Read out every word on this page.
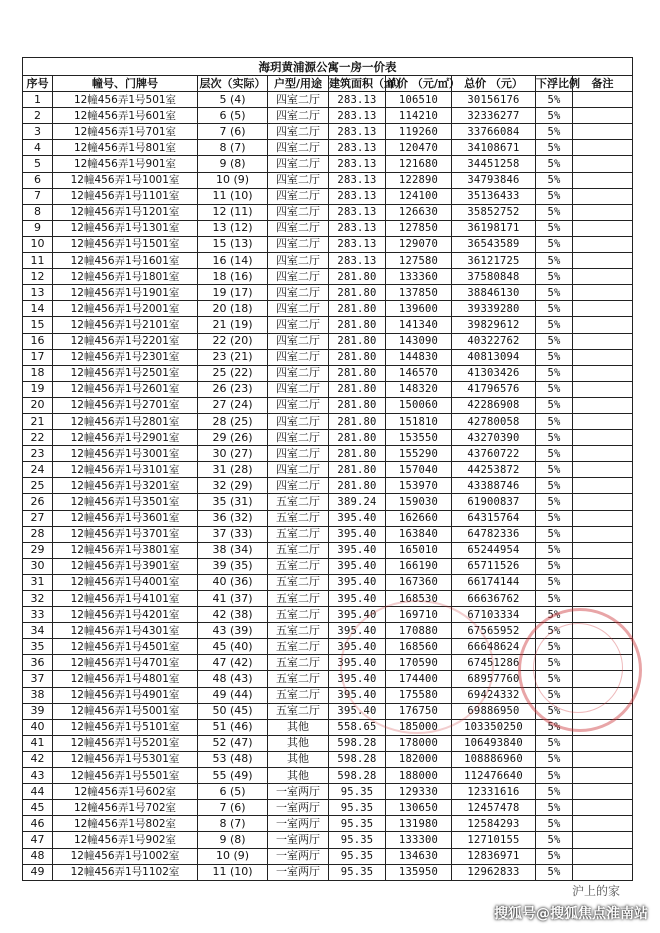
海玥黄浦源公寓一房一价表								
序号	幢号、门牌号	层次（实际）	户型/用途	建筑面积（㎡）	单价 （元/㎡）	总价 （元）	下浮比例	备注
1	12幢456弄1号501室	5 (4)	四室二厅	283.13	106510	30156176	5%	
2	12幢456弄1号601室	6 (5)	四室二厅	283.13	114210	32336277	5%	
3	12幢456弄1号701室	7 (6)	四室二厅	283.13	119260	33766084	5%	
4	12幢456弄1号801室	8 (7)	四室二厅	283.13	120470	34108671	5%	
5	12幢456弄1号901室	9 (8)	四室二厅	283.13	121680	34451258	5%	
6	12幢456弄1号1001室	10 (9)	四室二厅	283.13	122890	34793846	5%	
7	12幢456弄1号1101室	11 (10)	四室二厅	283.13	124100	35136433	5%	
8	12幢456弄1号1201室	12 (11)	四室二厅	283.13	126630	35852752	5%	
9	12幢456弄1号1301室	13 (12)	四室二厅	283.13	127850	36198171	5%	
10	12幢456弄1号1501室	15 (13)	四室二厅	283.13	129070	36543589	5%	
11	12幢456弄1号1601室	16 (14)	四室二厅	283.13	127580	36121725	5%	
12	12幢456弄1号1801室	18 (16)	四室二厅	281.80	133360	37580848	5%	
13	12幢456弄1号1901室	19 (17)	四室二厅	281.80	137850	38846130	5%	
14	12幢456弄1号2001室	20 (18)	四室二厅	281.80	139600	39339280	5%	
15	12幢456弄1号2101室	21 (19)	四室二厅	281.80	141340	39829612	5%	
16	12幢456弄1号2201室	22 (20)	四室二厅	281.80	143090	40322762	5%	
17	12幢456弄1号2301室	23 (21)	四室二厅	281.80	144830	40813094	5%	
18	12幢456弄1号2501室	25 (22)	四室二厅	281.80	146570	41303426	5%	
19	12幢456弄1号2601室	26 (23)	四室二厅	281.80	148320	41796576	5%	
20	12幢456弄1号2701室	27 (24)	四室二厅	281.80	150060	42286908	5%	
21	12幢456弄1号2801室	28 (25)	四室二厅	281.80	151810	42780058	5%	
22	12幢456弄1号2901室	29 (26)	四室二厅	281.80	153550	43270390	5%	
23	12幢456弄1号3001室	30 (27)	四室二厅	281.80	155290	43760722	5%	
24	12幢456弄1号3101室	31 (28)	四室二厅	281.80	157040	44253872	5%	
25	12幢456弄1号3201室	32 (29)	四室二厅	281.80	153970	43388746	5%	
26	12幢456弄1号3501室	35 (31)	五室二厅	389.24	159030	61900837	5%	
27	12幢456弄1号3601室	36 (32)	五室二厅	395.40	162660	64315764	5%	
28	12幢456弄1号3701室	37 (33)	五室二厅	395.40	163840	64782336	5%	
29	12幢456弄1号3801室	38 (34)	五室二厅	395.40	165010	65244954	5%	
30	12幢456弄1号3901室	39 (35)	五室二厅	395.40	166190	65711526	5%	
31	12幢456弄1号4001室	40 (36)	五室二厅	395.40	167360	66174144	5%	
32	12幢456弄1号4101室	41 (37)	五室二厅	395.40	168530	66636762	5%	
33	12幢456弄1号4201室	42 (38)	五室二厅	395.40	169710	67103334	5%	
34	12幢456弄1号4301室	43 (39)	五室二厅	395.40	170880	67565952	5%	
35	12幢456弄1号4501室	45 (40)	五室二厅	395.40	168560	66648624	5%	
36	12幢456弄1号4701室	47 (42)	五室二厅	395.40	170590	67451286	5%	
37	12幢456弄1号4801室	48 (43)	五室二厅	395.40	174400	68957760	5%	
38	12幢456弄1号4901室	49 (44)	五室二厅	395.40	175580	69424332	5%	
39	12幢456弄1号5001室	50 (45)	五室二厅	395.40	176750	69886950	5%	
40	12幢456弄1号5101室	51 (46)	其他	558.65	185000	103350250	5%	
41	12幢456弄1号5201室	52 (47)	其他	598.28	178000	106493840	5%	
42	12幢456弄1号5301室	53 (48)	其他	598.28	182000	108886960	5%	
43	12幢456弄1号5501室	55 (49)	其他	598.28	188000	112476640	5%	
44	12幢456弄1号602室	6 (5)	一室两厅	95.35	129330	12331616	5%	
45	12幢456弄1号702室	7 (6)	一室两厅	95.35	130650	12457478	5%	
46	12幢456弄1号802室	8 (7)	一室两厅	95.35	131980	12584293	5%	
47	12幢456弄1号902室	9 (8)	一室两厅	95.35	133300	12710155	5%	
48	12幢456弄1号1002室	10 (9)	一室两厅	95.35	134630	12836971	5%	
49	12幢456弄1号1102室	11 (10)	一室两厅	95.35	135950	12962833	5%	
沪上的家
搜狐号@搜狐焦点淮南站
